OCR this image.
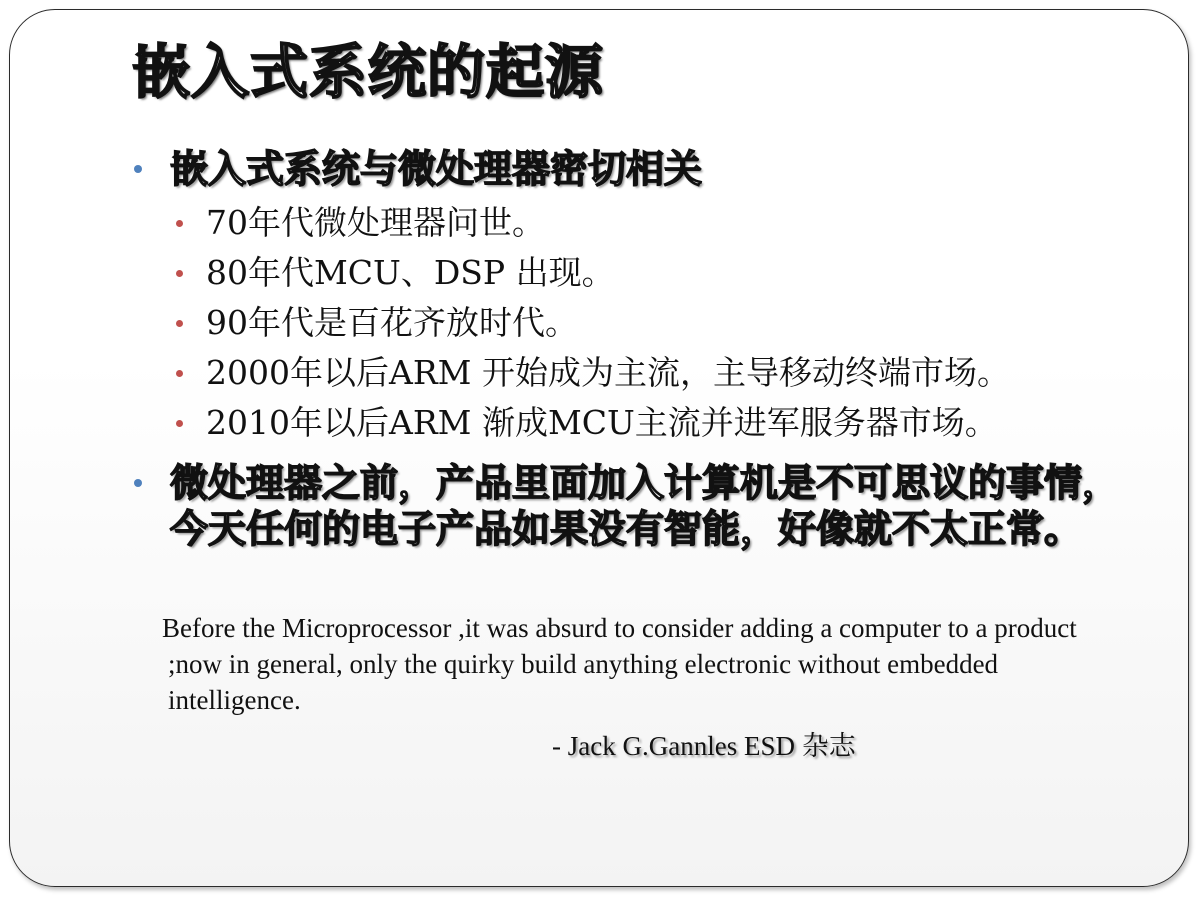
嵌入式系统的起源
嵌入式系统与微处理器密切相关
70年代微处理器问世。
80年代MCU、DSP 出现。
90年代是百花齐放时代。
2000年以后ARM 开始成为主流，主导移动终端市场。
2010年以后ARM 渐成MCU主流并进军服务器市场。
微处理器之前，产品里面加入计算机是不可思议的事情，今天任何的电子产品如果没有智能，好像就不太正常。

Before the Microprocessor ,it was absurd to consider adding a computer to a product ;now in general, only the quirky build anything electronic without embedded intelligence.

- Jack G.Gannles ESD 杂志
